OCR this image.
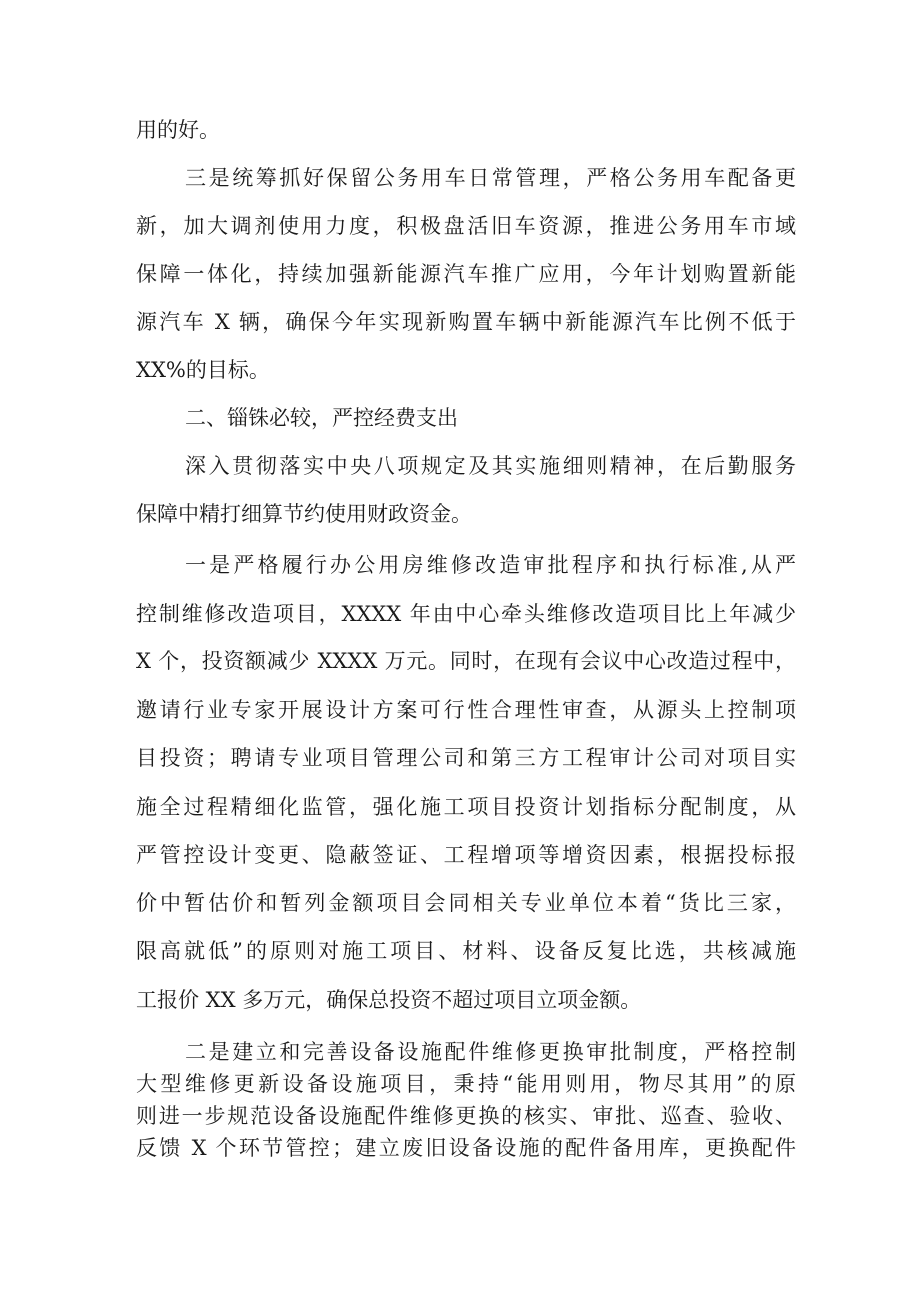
用的好。
三是统筹抓好保留公务用车日常管理，严格公务用车配备更
新，加大调剂使用力度，积极盘活旧车资源，推进公务用车市域
保障一体化，持续加强新能源汽车推广应用，今年计划购置新能
源汽车 X 辆，确保今年实现新购置车辆中新能源汽车比例不低于
XX%的目标。
二、锱铢必较，严控经费支出
深入贯彻落实中央八项规定及其实施细则精神，在后勤服务
保障中精打细算节约使用财政资金。
一是严格履行办公用房维修改造审批程序和执行标准,从严
控制维修改造项目，XXXX 年由中心牵头维修改造项目比上年减少
X 个，投资额减少 XXXX 万元。同时，在现有会议中心改造过程中，
邀请行业专家开展设计方案可行性合理性审查，从源头上控制项
目投资；聘请专业项目管理公司和第三方工程审计公司对项目实
施全过程精细化监管，强化施工项目投资计划指标分配制度，从
严管控设计变更、隐蔽签证、工程增项等增资因素，根据投标报
价中暂估价和暂列金额项目会同相关专业单位本着“货比三家，
限高就低”的原则对施工项目、材料、设备反复比选，共核减施
工报价 XX 多万元，确保总投资不超过项目立项金额。
二是建立和完善设备设施配件维修更换审批制度，严格控制
大型维修更新设备设施项目，秉持“能用则用，物尽其用”的原
则进一步规范设备设施配件维修更换的核实、审批、巡查、验收、
反馈 X 个环节管控；建立废旧设备设施的配件备用库，更换配件
